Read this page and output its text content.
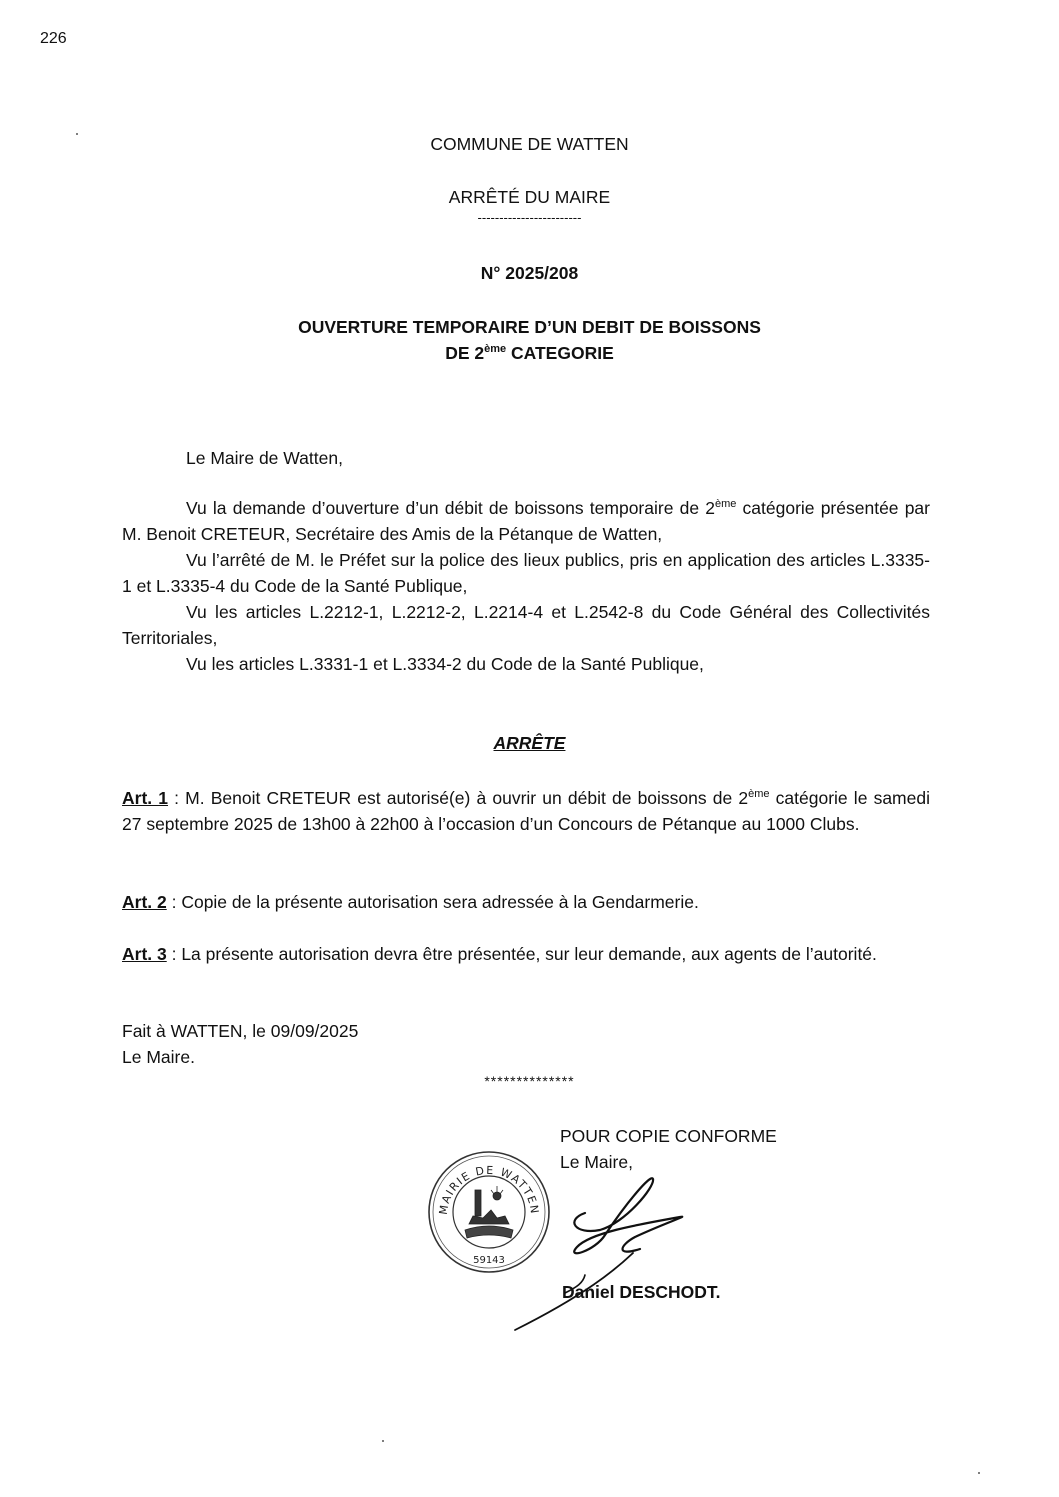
226
COMMUNE DE WATTEN
ARRÊTÉ DU MAIRE
------------------------
N° 2025/208
OUVERTURE TEMPORAIRE D’UN DEBIT DE BOISSONS
DE 2ème CATEGORIE
Le Maire de Watten,
Vu la demande d’ouverture d’un débit de boissons temporaire de 2ème catégorie présentée par M. Benoit CRETEUR, Secrétaire des Amis de la Pétanque de Watten,
Vu l’arrêté de M. le Préfet sur la police des lieux publics, pris en application des articles L.3335-1 et L.3335-4 du Code de la Santé Publique,
Vu les articles L.2212-1, L.2212-2, L.2214-4 et L.2542-8 du Code Général des Collectivités Territoriales,
Vu les articles L.3331-1 et L.3334-2 du Code de la Santé Publique,
ARRÊTE
Art. 1 : M. Benoit CRETEUR est autorisé(e) à ouvrir un débit de boissons de 2ème catégorie le samedi 27 septembre 2025 de 13h00 à 22h00 à l’occasion d’un Concours de Pétanque au 1000 Clubs.
Art. 2 : Copie de la présente autorisation sera adressée à la Gendarmerie.
Art. 3 : La présente autorisation devra être présentée, sur leur demande, aux agents de l’autorité.
Fait à WATTEN, le 09/09/2025
Le Maire.
**************
POUR COPIE CONFORME
Le Maire,
Daniel DESCHODT.
MAIRIE DE WATTEN
59143
